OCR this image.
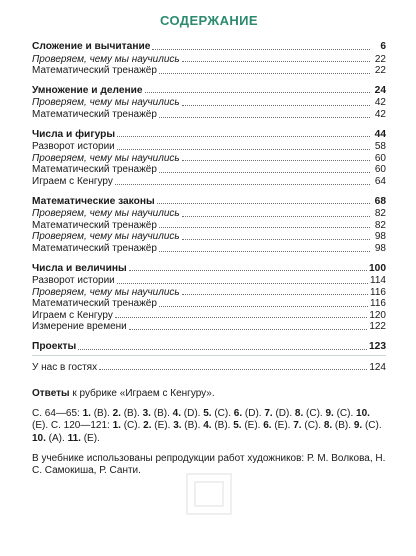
СОДЕРЖАНИЕ
Сложение и вычитание	6
Проверяем, чему мы научились	22
Математический тренажёр	22
Умножение и деление	24
Проверяем, чему мы научились	42
Математический тренажёр	42
Числа и фигуры	44
Разворот истории	58
Проверяем, чему мы научились	60
Математический тренажёр	60
Играем с Кенгуру	64
Математические законы	68
Проверяем, чему мы научились	82
Математический тренажёр	82
Проверяем, чему мы научились	98
Математический тренажёр	98
Числа и величины	100
Разворот истории	114
Проверяем, чему мы научились	116
Математический тренажёр	116
Играем с Кенгуру	120
Измерение времени	122
Проекты	123
У нас в гостях	124
Ответы к рубрике «Играем с Кенгуру».
С. 64—65: 1. (В). 2. (В). 3. (В). 4. (D). 5. (C). 6. (D). 7. (D). 8. (C). 9. (C). 10. (Е). С. 120—121: 1. (C). 2. (Е). 3. (В). 4. (В). 5. (Е). 6. (Е). 7. (C). 8. (В). 9. (C). 10. (А). 11. (Е).
В учебнике использованы репродукции работ художников: Р. М. Волкова, Н. С. Самокиша, Р. Санти.
